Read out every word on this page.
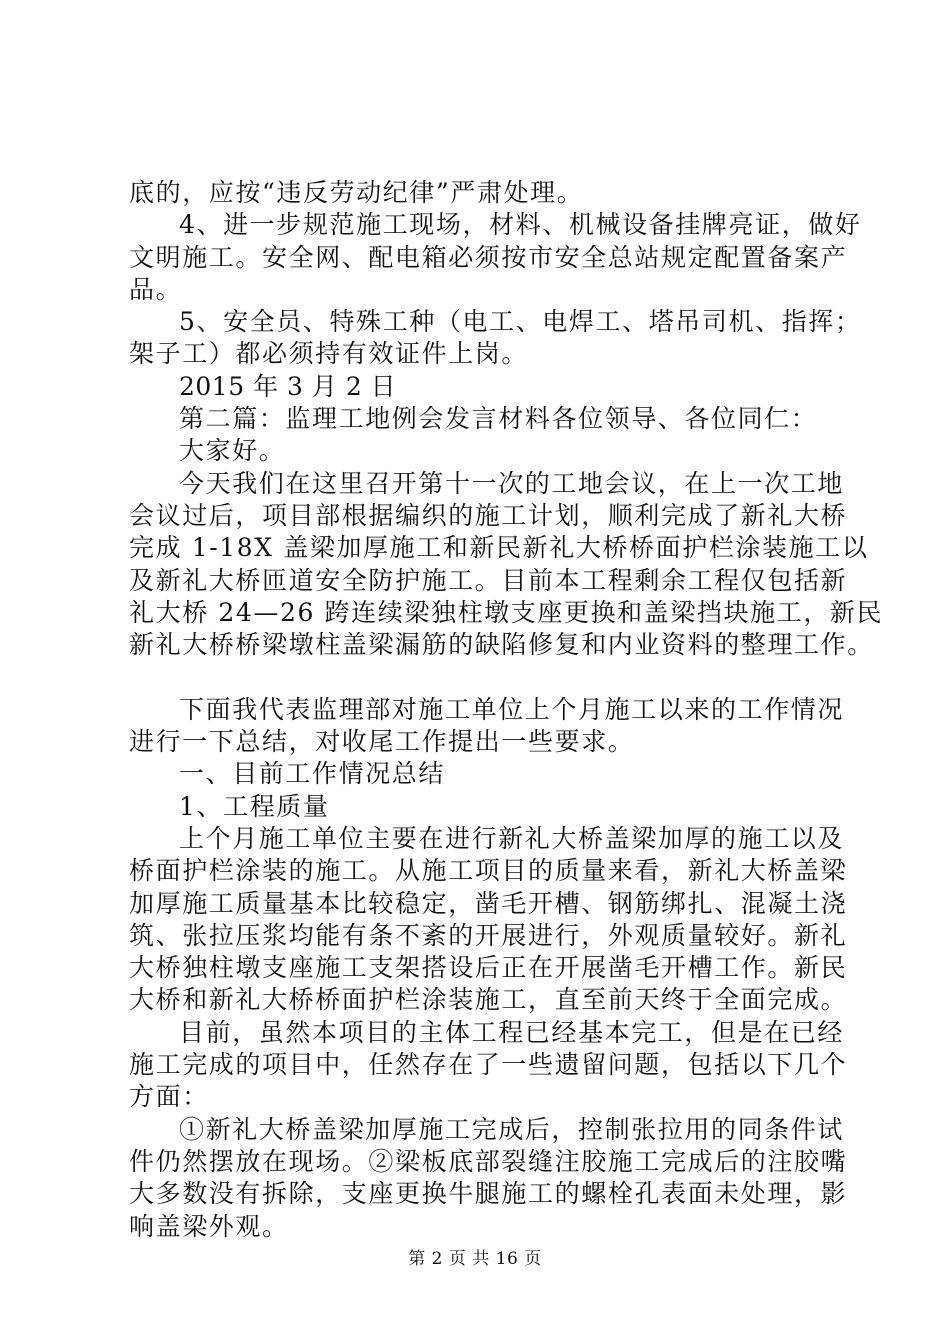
底的，应按“违反劳动纪律”严肃处理。
4、进一步规范施工现场，材料、机械设备挂牌亮证，做好
文明施工。安全网、配电箱必须按市安全总站规定配置备案产
品。
5、安全员、特殊工种（电工、电焊工、塔吊司机、指挥；
架子工）都必须持有效证件上岗。
2015 年 3 月 2 日
第二篇：监理工地例会发言材料各位领导、各位同仁：
大家好。
今天我们在这里召开第十一次的工地会议，在上一次工地
会议过后，项目部根据编织的施工计划，顺利完成了新礼大桥
完成 1-18X 盖梁加厚施工和新民新礼大桥桥面护栏涂装施工以
及新礼大桥匝道安全防护施工。目前本工程剩余工程仅包括新
礼大桥 24—26 跨连续梁独柱墩支座更换和盖梁挡块施工，新民
新礼大桥桥梁墩柱盖梁漏筋的缺陷修复和内业资料的整理工作。
下面我代表监理部对施工单位上个月施工以来的工作情况
进行一下总结，对收尾工作提出一些要求。
一、目前工作情况总结
1、工程质量
上个月施工单位主要在进行新礼大桥盖梁加厚的施工以及
桥面护栏涂装的施工。从施工项目的质量来看，新礼大桥盖梁
加厚施工质量基本比较稳定，凿毛开槽、钢筋绑扎、混凝土浇
筑、张拉压浆均能有条不紊的开展进行，外观质量较好。新礼
大桥独柱墩支座施工支架搭设后正在开展凿毛开槽工作。新民
大桥和新礼大桥桥面护栏涂装施工，直至前天终于全面完成。
目前，虽然本项目的主体工程已经基本完工，但是在已经
施工完成的项目中，任然存在了一些遗留问题，包括以下几个
方面：
①新礼大桥盖梁加厚施工完成后，控制张拉用的同条件试
件仍然摆放在现场。②梁板底部裂缝注胶施工完成后的注胶嘴
大多数没有拆除，支座更换牛腿施工的螺栓孔表面未处理，影
响盖梁外观。
第 2 页 共 16 页
